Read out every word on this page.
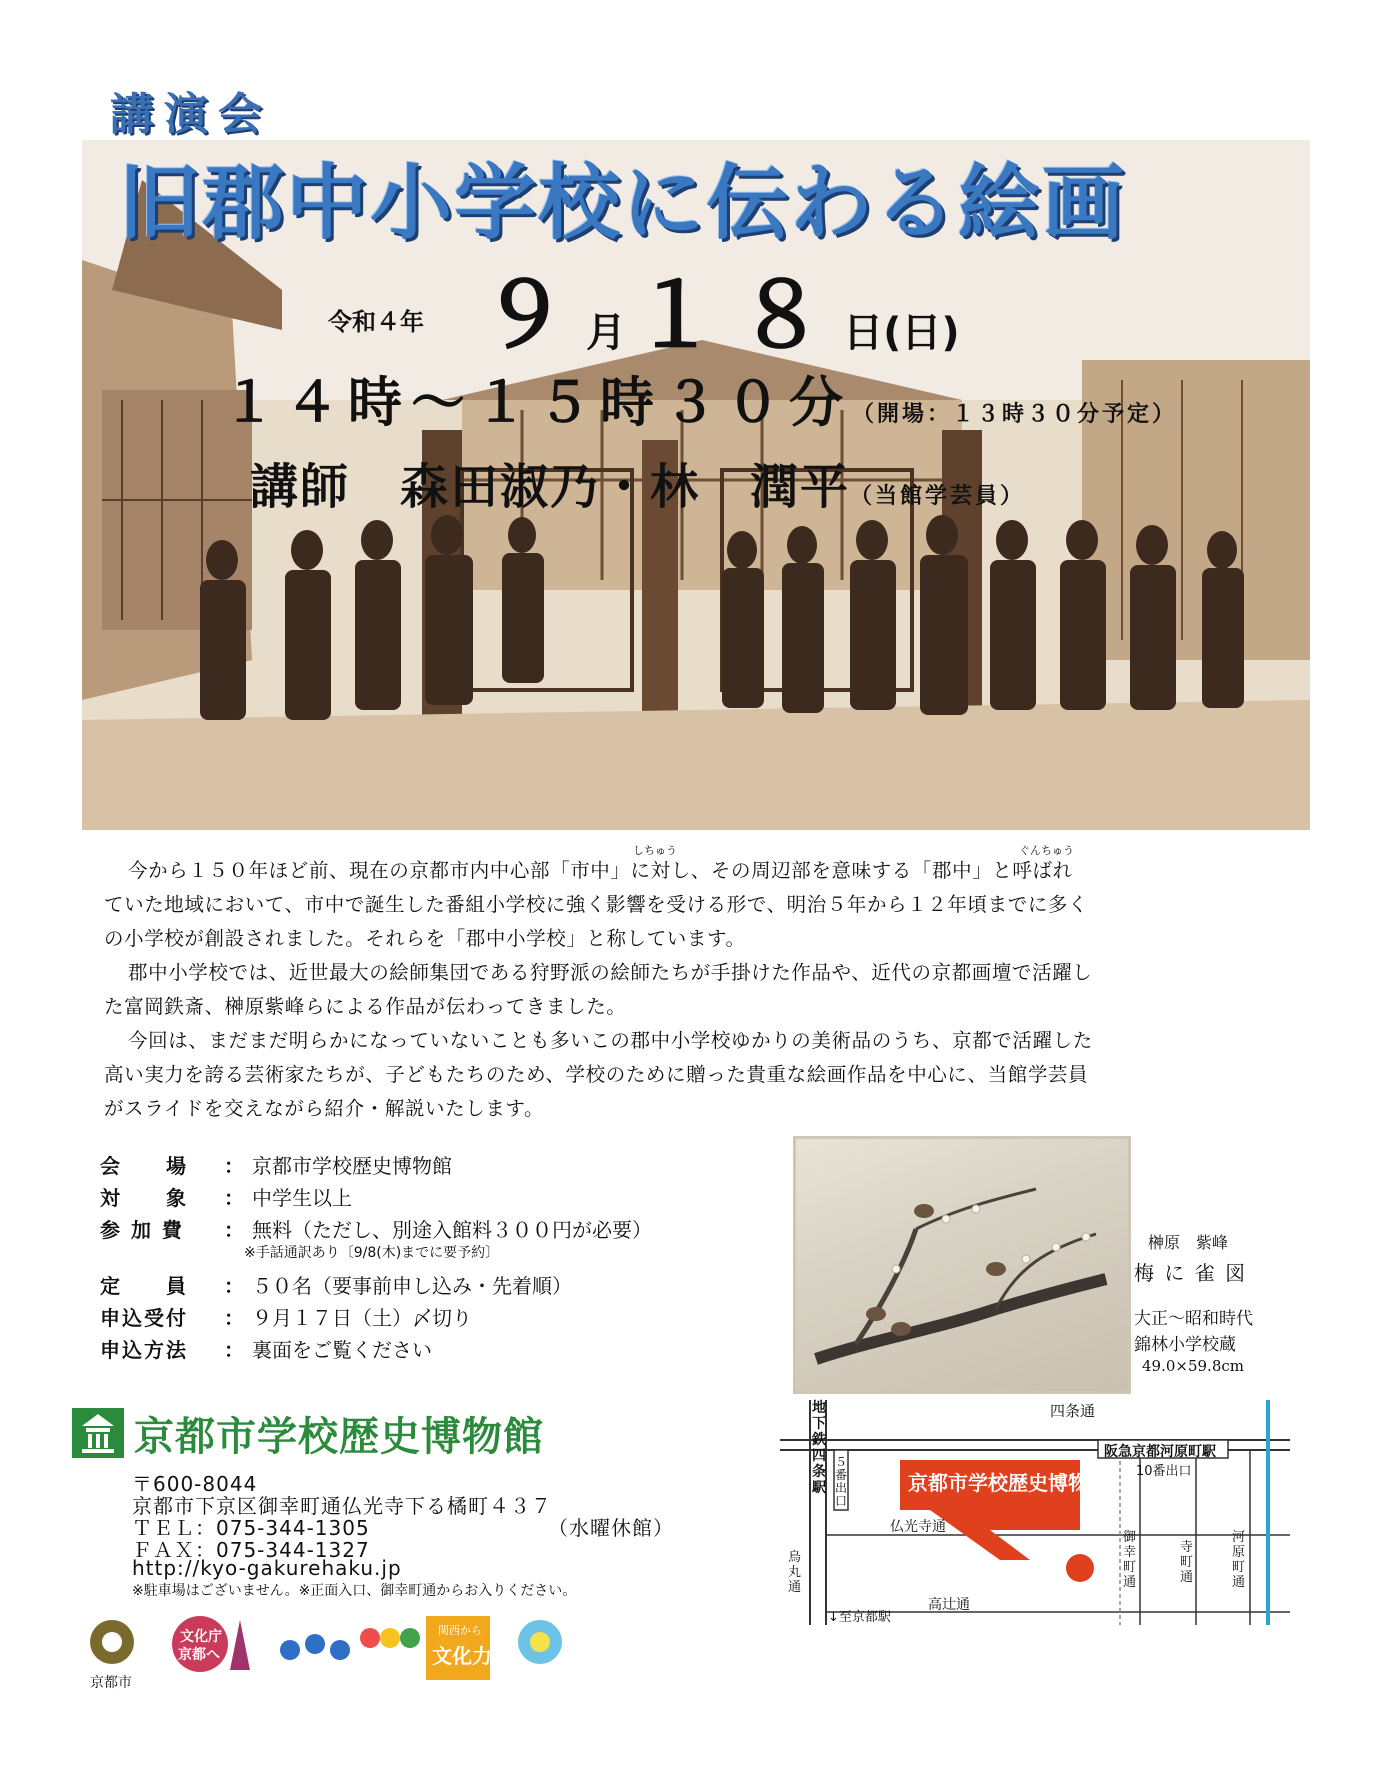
講演会
旧郡中小学校に伝わる絵画
令和４年 ９月 １８日(日)
１４時～１５時３０分（開場：１３時３０分予定）
講師　森田淑乃・林　潤平（当館学芸員）
しちゅう	ぐんちゅう
今から１５０年ほど前、現在の京都市内中心部「市中」に対し、その周辺部を意味する「郡中」と呼ばれ
ていた地域において、市中で誕生した番組小学校に強く影響を受ける形で、明治５年から１２年頃までに多く
の小学校が創設されました。それらを「郡中小学校」と称しています。
郡中小学校では、近世最大の絵師集団である狩野派の絵師たちが手掛けた作品や、近代の京都画壇で活躍し
た富岡鉄斎、榊原紫峰らによる作品が伝わってきました。
今回は、まだまだ明らかになっていないことも多いこの郡中小学校ゆかりの美術品のうち、京都で活躍した
高い実力を誇る芸術家たちが、子どもたちのため、学校のために贈った貴重な絵画作品を中心に、当館学芸員
がスライドを交えながら紹介・解説いたします。
会　　場	： 京都市学校歴史博物館
対　　象	： 中学生以上
参 加 費	： 無料（ただし、別途入館料３００円が必要）
※手話通訳あり〔9/8(木)までに要予約〕
定　　員	： ５０名（要事前申し込み・先着順）
申込受付	： ９月１７日（土）〆切り
申込方法	： 裏面をご覧ください
榊原　紫峰
梅 に 雀 図
大正～昭和時代
錦林小学校蔵
49.0×59.8cm
京都市学校歴史博物館
〒600-8044
京都市下京区御幸町通仏光寺下る橘町４３７
ＴＥＬ：075-344-1305	（水曜休館）
ＦＡＸ：075-344-1327
http://kyo-gakurehaku.jp
※駐車場はございません。※正面入口、御幸町通からお入りください。
四条通
阪急京都河原町駅
10番出口
地下鉄四条駅
５番出口
京都市学校歴史博物館
仏光寺通
烏丸通
御幸町通
寺町通
河原町通
高辻通
↓至京都駅
京都市
文化庁
京都へ
関西から
文化力
